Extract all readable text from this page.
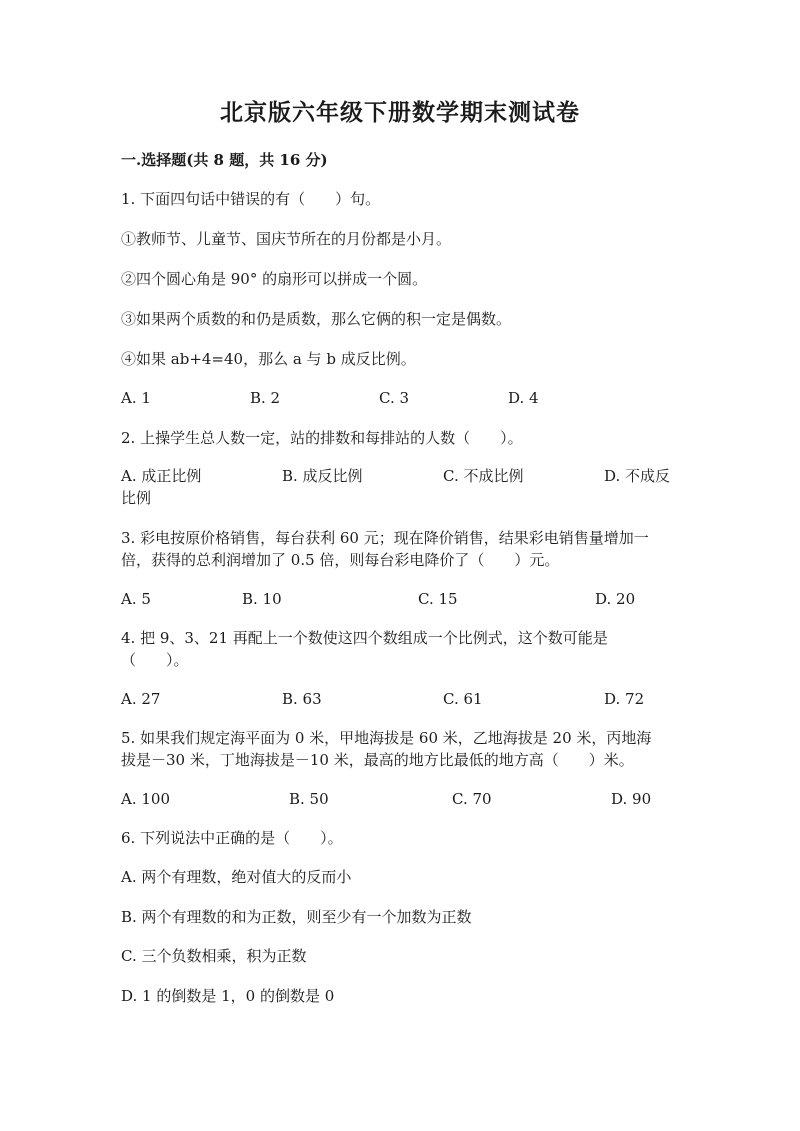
北京版六年级下册数学期末测试卷
一.选择题(共 8 题，共 16 分)
1. 下面四句话中错误的有（　　）句。
①教师节、儿童节、国庆节所在的月份都是小月。
②四个圆心角是 90° 的扇形可以拼成一个圆。
③如果两个质数的和仍是质数，那么它俩的积一定是偶数。
④如果 ab+4=40，那么 a 与 b 成反比例。
A. 1	B. 2	C. 3	D. 4
2. 上操学生总人数一定，站的排数和每排站的人数（　　）。
A. 成正比例	B. 成反比例	C. 不成比例	D. 不成反
比例
3. 彩电按原价格销售，每台获利 60 元；现在降价销售，结果彩电销售量增加一
倍，获得的总利润增加了 0.5 倍，则每台彩电降价了（　　）元。
A. 5	B. 10	C. 15	D. 20
4. 把 9、3、21 再配上一个数使这四个数组成一个比例式，这个数可能是
（　　）。
A. 27	B. 63	C. 61	D. 72
5. 如果我们规定海平面为 0 米，甲地海拔是 60 米，乙地海拔是 20 米，丙地海
拔是－30 米，丁地海拔是－10 米，最高的地方比最低的地方高（　　）米。
A. 100	B. 50	C. 70	D. 90
6. 下列说法中正确的是（　　）。
A. 两个有理数，绝对值大的反而小
B. 两个有理数的和为正数，则至少有一个加数为正数
C. 三个负数相乘，积为正数
D. 1 的倒数是 1，0 的倒数是 0
